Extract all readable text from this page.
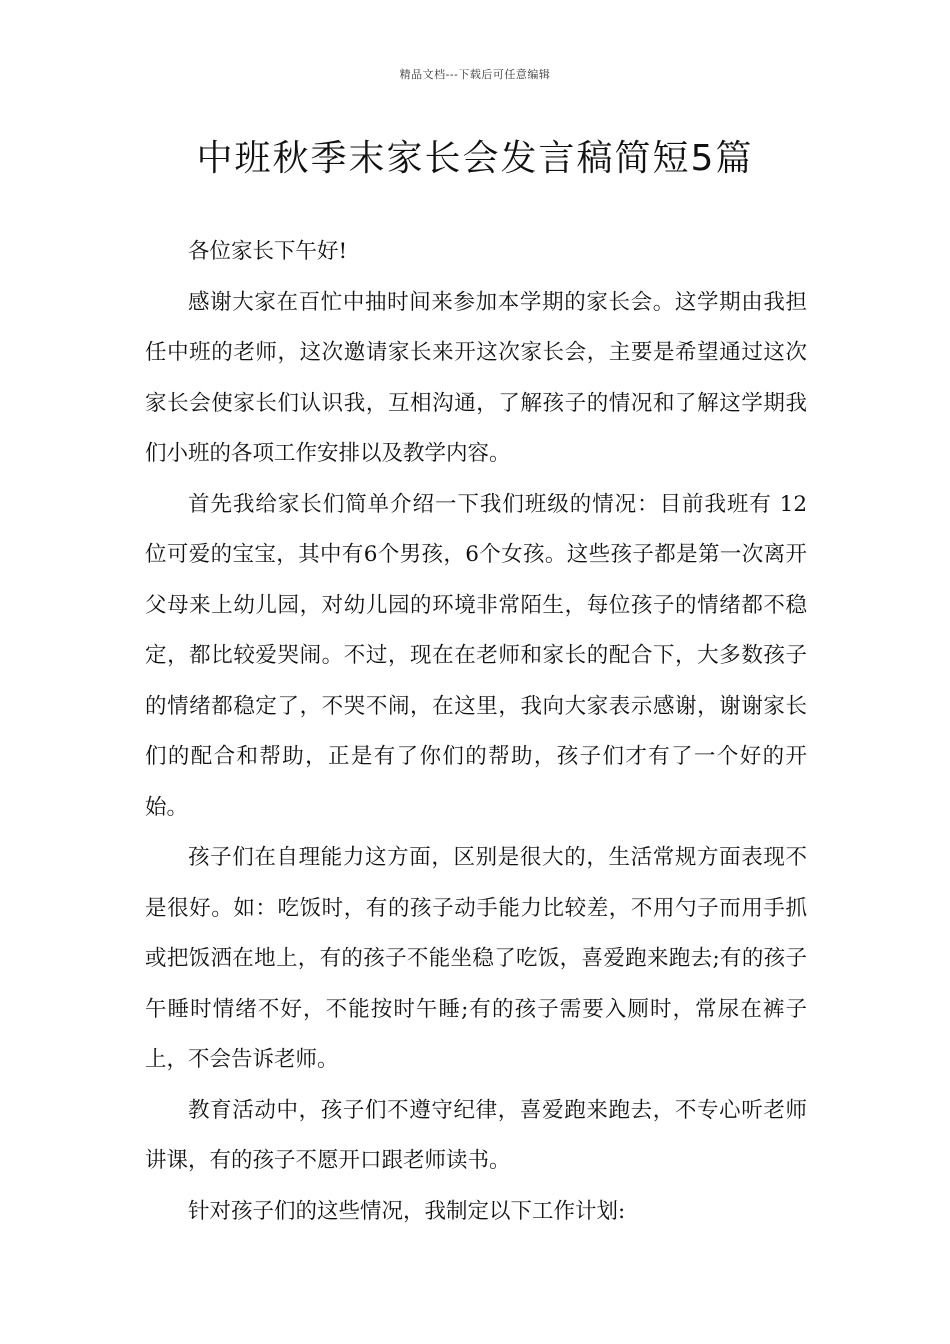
精品文档---下载后可任意编辑
中班秋季末家长会发言稿简短5篇

各位家长下午好!

感谢大家在百忙中抽时间来参加本学期的家长会。这学期由我担任中班的老师，这次邀请家长来开这次家长会，主要是希望通过这次家长会使家长们认识我，互相沟通，了解孩子的情况和了解这学期我们小班的各项工作安排以及教学内容。

首先我给家长们简单介绍一下我们班级的情况：目前我班有 12 位可爱的宝宝，其中有6个男孩，6个女孩。这些孩子都是第一次离开父母来上幼儿园，对幼儿园的环境非常陌生，每位孩子的情绪都不稳定，都比较爱哭闹。不过，现在在老师和家长的配合下，大多数孩子的情绪都稳定了，不哭不闹，在这里，我向大家表示感谢，谢谢家长们的配合和帮助，正是有了你们的帮助，孩子们才有了一个好的开始。

孩子们在自理能力这方面，区别是很大的，生活常规方面表现不是很好。如：吃饭时，有的孩子动手能力比较差，不用勺子而用手抓或把饭洒在地上，有的孩子不能坐稳了吃饭，喜爱跑来跑去;有的孩子午睡时情绪不好，不能按时午睡;有的孩子需要入厕时，常尿在裤子上，不会告诉老师。

教育活动中，孩子们不遵守纪律，喜爱跑来跑去，不专心听老师讲课，有的孩子不愿开口跟老师读书。

针对孩子们的这些情况，我制定以下工作计划:
